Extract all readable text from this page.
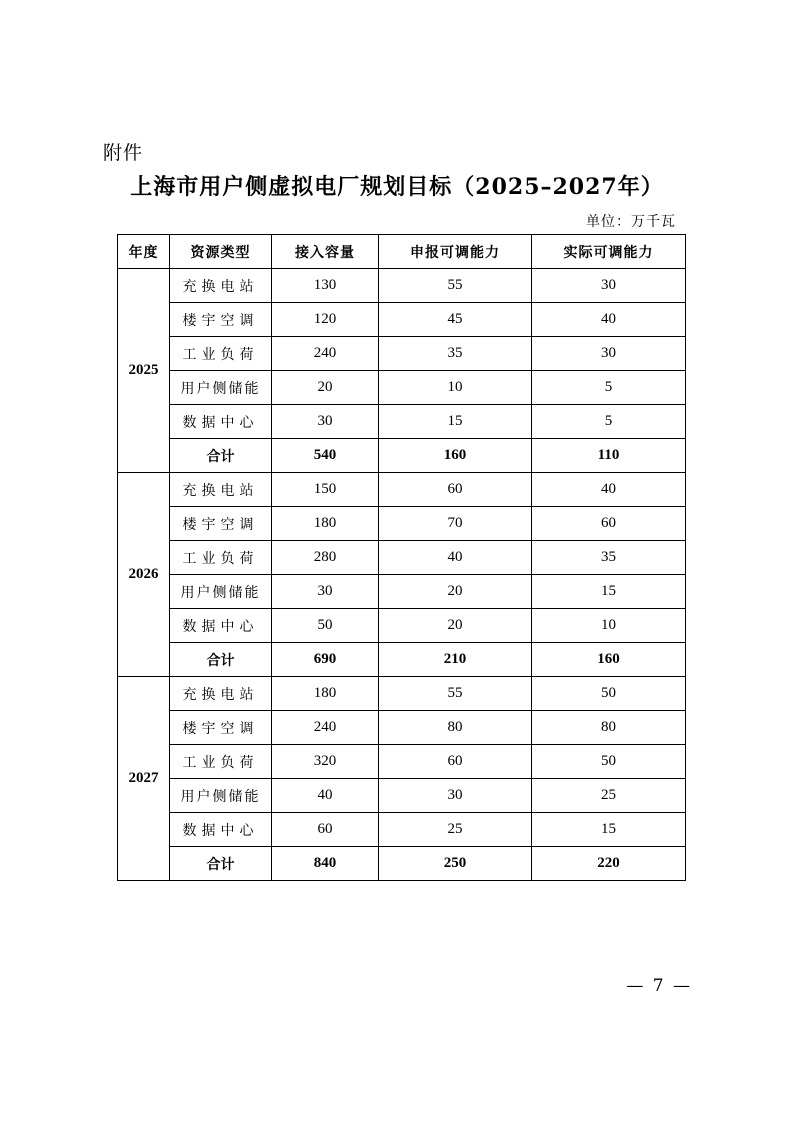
附件
上海市用户侧虚拟电厂规划目标（2025–2027年）
单位：万千瓦
年度	资源类型	接入容量	申报可调能力	实际可调能力
2025	充换电站	130	55	30
	楼宇空调	120	45	40
	工业负荷	240	35	30
	用户侧储能	20	10	5
	数据中心	30	15	5
	合计	540	160	110
2026	充换电站	150	60	40
	楼宇空调	180	70	60
	工业负荷	280	40	35
	用户侧储能	30	20	15
	数据中心	50	20	10
	合计	690	210	160
2027	充换电站	180	55	50
	楼宇空调	240	80	80
	工业负荷	320	60	50
	用户侧储能	40	30	25
	数据中心	60	25	15
	合计	840	250	220
— 7 —
